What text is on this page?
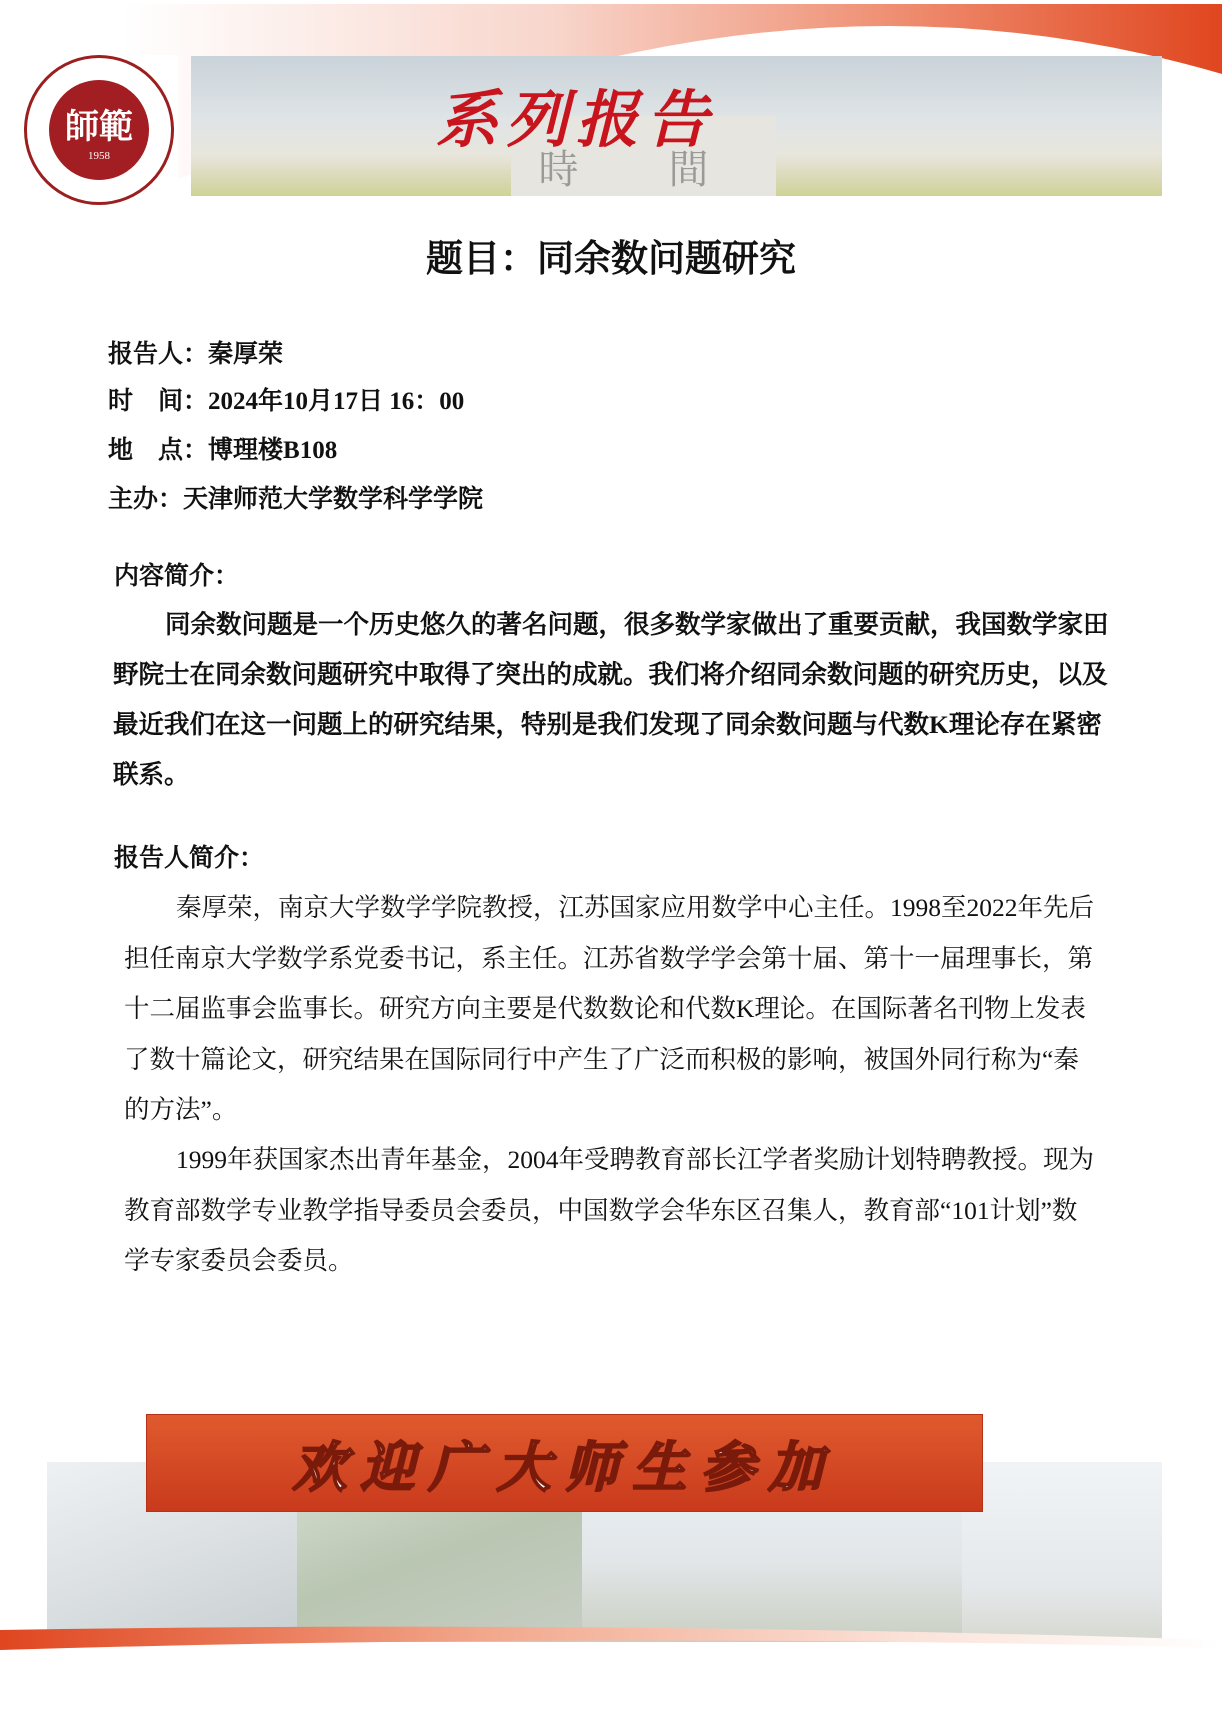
師範
1958	時 間
系列报告
题目：同余数问题研究
报告人：秦厚荣
时　间：2024年10月17日 16：00
地　点：博理楼B108
主办：天津师范大学数学科学学院
内容简介：
同余数问题是一个历史悠久的著名问题，很多数学家做出了重要贡献，我国数学家田野院士在同余数问题研究中取得了突出的成就。我们将介绍同余数问题的研究历史，以及最近我们在这一问题上的研究结果，特别是我们发现了同余数问题与代数K理论存在紧密联系。
报告人简介：
秦厚荣，南京大学数学学院教授，江苏国家应用数学中心主任。1998至2022年先后担任南京大学数学系党委书记，系主任。江苏省数学学会第十届、第十一届理事长，第十二届监事会监事长。研究方向主要是代数数论和代数K理论。在国际著名刊物上发表了数十篇论文，研究结果在国际同行中产生了广泛而积极的影响，被国外同行称为“秦的方法”。
1999年获国家杰出青年基金，2004年受聘教育部长江学者奖励计划特聘教授。现为教育部数学专业教学指导委员会委员，中国数学会华东区召集人，教育部“101计划”数学专家委员会委员。
欢迎广大师生参加
